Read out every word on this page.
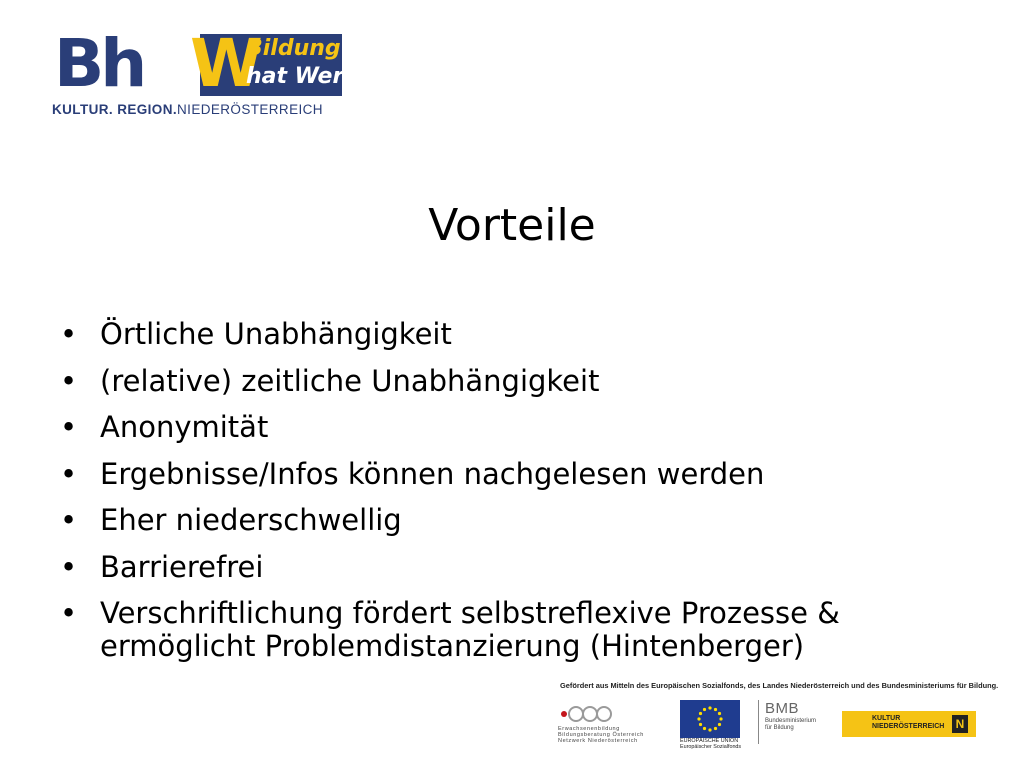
Bh W
Bildung
hat Wert.
KULTUR. REGION.NIEDERÖSTERREICH
Vorteile
• Örtliche Unabhängigkeit
• (relative) zeitliche Unabhängigkeit
• Anonymität
• Ergebnisse/Infos können nachgelesen werden
• Eher niederschwellig
• Barrierefrei
• Verschriftlichung fördert selbstreflexive Prozesse & ermöglicht Problemdistanzierung (Hintenberger)
Gefördert aus Mitteln des Europäischen Sozialfonds, des Landes Niederösterreich und des Bundesministeriums für Bildung.
Erwachsenenbildung
Bildungsberatung Österreich
Netzwerk Niederösterreich	EUROPÄISCHE UNION
Europäischer Sozialfonds
BMB
Bundesministerium
für Bildung
KULTUR
NIEDERÖSTERREICH N
